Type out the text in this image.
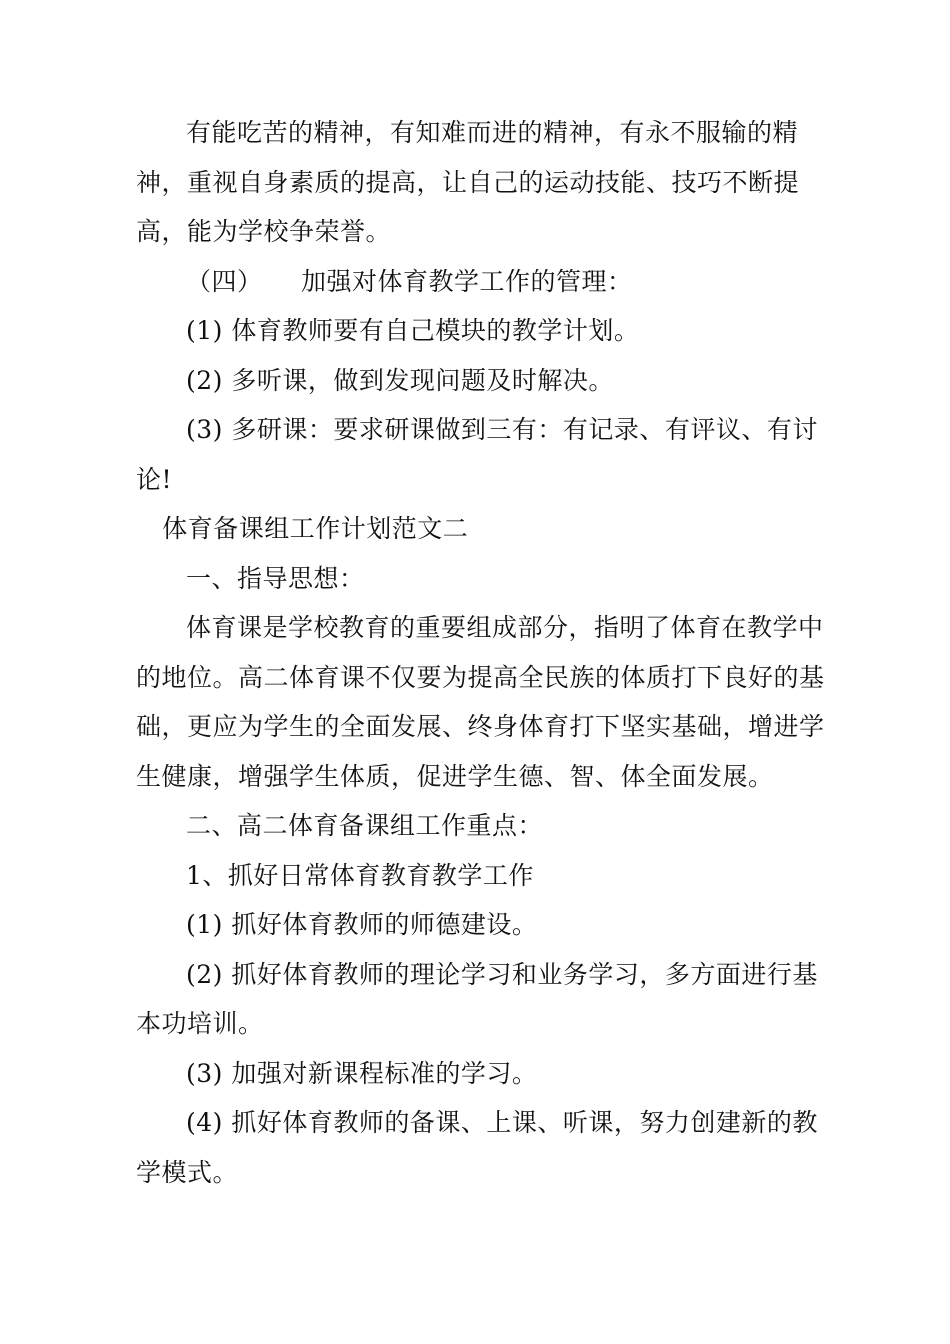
有能吃苦的精神，有知难而进的精神，有永不服输的精神，重视自身素质的提高，让自己的运动技能、技巧不断提高，能为学校争荣誉。

（四）　　加强对体育教学工作的管理：

(1) 体育教师要有自己模块的教学计划。

(2) 多听课，做到发现问题及时解决。

(3) 多研课：要求研课做到三有：有记录、有评议、有讨论!

体育备课组工作计划范文二

一、指导思想：

体育课是学校教育的重要组成部分，指明了体育在教学中的地位。高二体育课不仅要为提高全民族的体质打下良好的基础，更应为学生的全面发展、终身体育打下坚实基础，增进学生健康，增强学生体质，促进学生德、智、体全面发展。

二、高二体育备课组工作重点：

1、抓好日常体育教育教学工作

(1) 抓好体育教师的师德建设。

(2) 抓好体育教师的理论学习和业务学习，多方面进行基本功培训。

(3) 加强对新课程标准的学习。

(4) 抓好体育教师的备课、上课、听课，努力创建新的教学模式。
